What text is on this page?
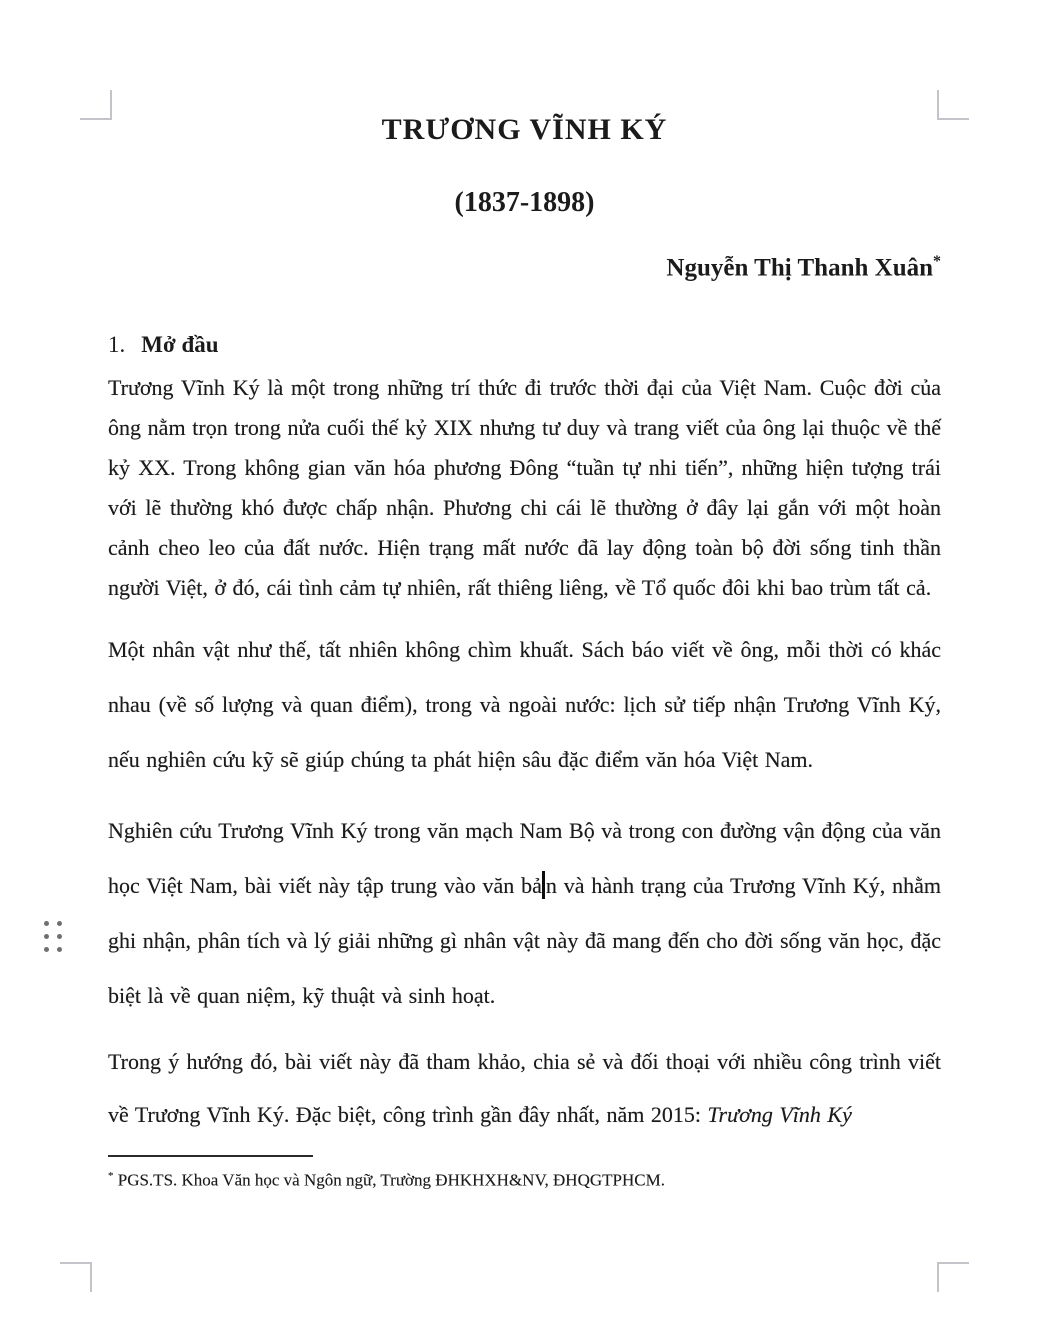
TRƯƠNG VĨNH KÝ
(1837-1898)
Nguyễn Thị Thanh Xuân*
1. Mở đầu

Trương Vĩnh Ký là một trong những trí thức đi trước thời đại của Việt Nam. Cuộc đời của ông nằm trọn trong nửa cuối thế kỷ XIX nhưng tư duy và trang viết của ông lại thuộc về thế kỷ XX. Trong không gian văn hóa phương Đông “tuần tự nhi tiến”, những hiện tượng trái với lẽ thường khó được chấp nhận. Phương chi cái lẽ thường ở đây lại gắn với một hoàn cảnh cheo leo của đất nước. Hiện trạng mất nước đã lay động toàn bộ đời sống tinh thần người Việt, ở đó, cái tình cảm tự nhiên, rất thiêng liêng, về Tổ quốc đôi khi bao trùm tất cả.

Một nhân vật như thế, tất nhiên không chìm khuất. Sách báo viết về ông, mỗi thời có khác nhau (về số lượng và quan điểm), trong và ngoài nước: lịch sử tiếp nhận Trương Vĩnh Ký, nếu nghiên cứu kỹ sẽ giúp chúng ta phát hiện sâu đặc điểm văn hóa Việt Nam.

Nghiên cứu Trương Vĩnh Ký trong văn mạch Nam Bộ và trong con đường vận động của văn học Việt Nam, bài viết này tập trung vào văn bả n và hành trạng của Trương Vĩnh Ký, nhằm ghi nhận, phân tích và lý giải những gì nhân vật này đã mang đến cho đời sống văn học, đặc biệt là về quan niệm, kỹ thuật và sinh hoạt.

Trong ý hướng đó, bài viết này đã tham khảo, chia sẻ và đối thoại với nhiều công trình viết về Trương Vĩnh Ký. Đặc biệt, công trình gần đây nhất, năm 2015: Trương Vĩnh Ký

* PGS.TS. Khoa Văn học và Ngôn ngữ, Trường ĐHKHXH&NV, ĐHQGTPHCM.
